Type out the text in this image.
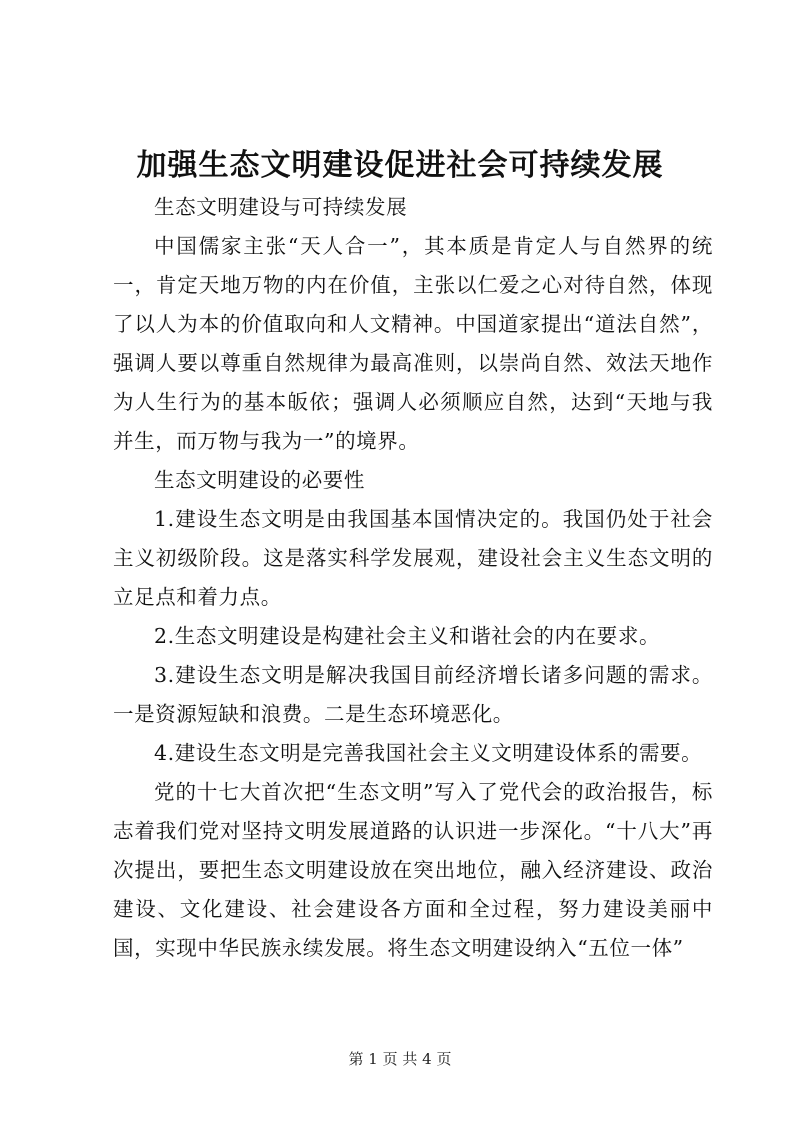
加强生态文明建设促进社会可持续发展

生态文明建设与可持续发展

中国儒家主张“天人合一”，其本质是肯定人与自然界的统一，肯定天地万物的内在价值，主张以仁爱之心对待自然，体现了以人为本的价值取向和人文精神。中国道家提出“道法自然”，强调人要以尊重自然规律为最高准则，以崇尚自然、效法天地作为人生行为的基本皈依；强调人必须顺应自然，达到“天地与我并生，而万物与我为一”的境界。

生态文明建设的必要性

1.建设生态文明是由我国基本国情决定的。我国仍处于社会主义初级阶段。这是落实科学发展观，建设社会主义生态文明的立足点和着力点。

2.生态文明建设是构建社会主义和谐社会的内在要求。

3.建设生态文明是解决我国目前经济增长诸多问题的需求。一是资源短缺和浪费。二是生态环境恶化。

4.建设生态文明是完善我国社会主义文明建设体系的需要。

党的十七大首次把“生态文明”写入了党代会的政治报告，标志着我们党对坚持文明发展道路的认识进一步深化。“十八大”再次提出，要把生态文明建设放在突出地位，融入经济建设、政治建设、文化建设、社会建设各方面和全过程，努力建设美丽中国，实现中华民族永续发展。将生态文明建设纳入“五位一体”

第 1 页 共 4 页
